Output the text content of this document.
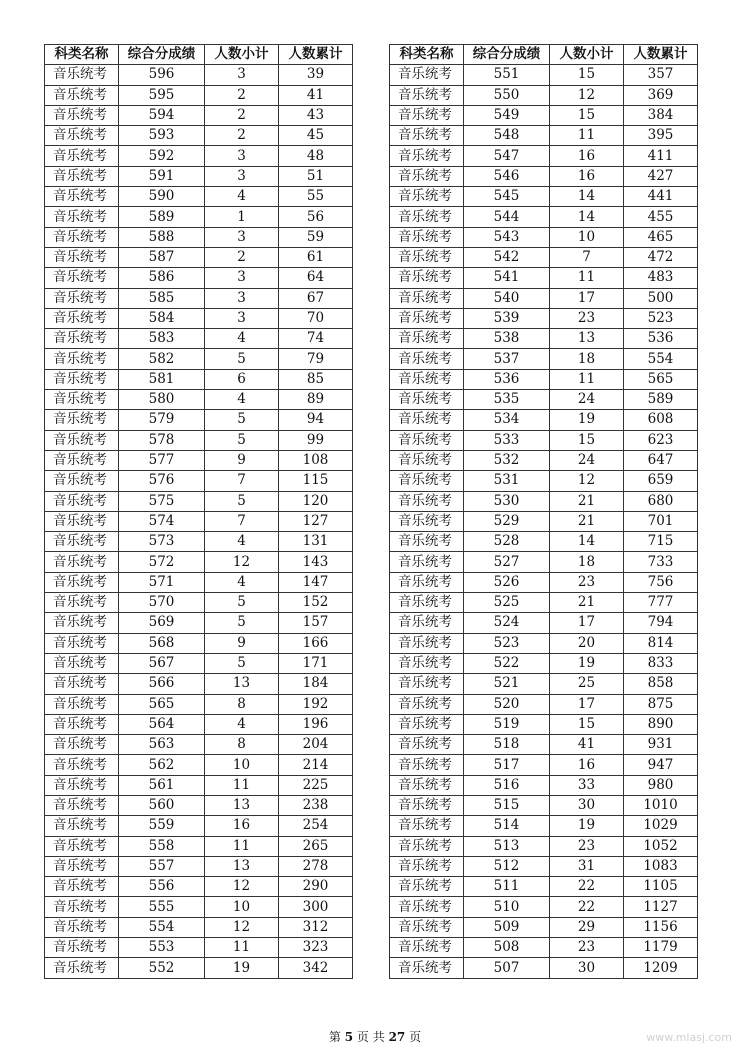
科类名称	综合分成绩	人数小计	人数累计
音乐统考	596	3	39
音乐统考	595	2	41
音乐统考	594	2	43
音乐统考	593	2	45
音乐统考	592	3	48
音乐统考	591	3	51
音乐统考	590	4	55
音乐统考	589	1	56
音乐统考	588	3	59
音乐统考	587	2	61
音乐统考	586	3	64
音乐统考	585	3	67
音乐统考	584	3	70
音乐统考	583	4	74
音乐统考	582	5	79
音乐统考	581	6	85
音乐统考	580	4	89
音乐统考	579	5	94
音乐统考	578	5	99
音乐统考	577	9	108
音乐统考	576	7	115
音乐统考	575	5	120
音乐统考	574	7	127
音乐统考	573	4	131
音乐统考	572	12	143
音乐统考	571	4	147
音乐统考	570	5	152
音乐统考	569	5	157
音乐统考	568	9	166
音乐统考	567	5	171
音乐统考	566	13	184
音乐统考	565	8	192
音乐统考	564	4	196
音乐统考	563	8	204
音乐统考	562	10	214
音乐统考	561	11	225
音乐统考	560	13	238
音乐统考	559	16	254
音乐统考	558	11	265
音乐统考	557	13	278
音乐统考	556	12	290
音乐统考	555	10	300
音乐统考	554	12	312
音乐统考	553	11	323
音乐统考	552	19	342
科类名称	综合分成绩	人数小计	人数累计
音乐统考	551	15	357
音乐统考	550	12	369
音乐统考	549	15	384
音乐统考	548	11	395
音乐统考	547	16	411
音乐统考	546	16	427
音乐统考	545	14	441
音乐统考	544	14	455
音乐统考	543	10	465
音乐统考	542	7	472
音乐统考	541	11	483
音乐统考	540	17	500
音乐统考	539	23	523
音乐统考	538	13	536
音乐统考	537	18	554
音乐统考	536	11	565
音乐统考	535	24	589
音乐统考	534	19	608
音乐统考	533	15	623
音乐统考	532	24	647
音乐统考	531	12	659
音乐统考	530	21	680
音乐统考	529	21	701
音乐统考	528	14	715
音乐统考	527	18	733
音乐统考	526	23	756
音乐统考	525	21	777
音乐统考	524	17	794
音乐统考	523	20	814
音乐统考	522	19	833
音乐统考	521	25	858
音乐统考	520	17	875
音乐统考	519	15	890
音乐统考	518	41	931
音乐统考	517	16	947
音乐统考	516	33	980
音乐统考	515	30	1010
音乐统考	514	19	1029
音乐统考	513	23	1052
音乐统考	512	31	1083
音乐统考	511	22	1105
音乐统考	510	22	1127
音乐统考	509	29	1156
音乐统考	508	23	1179
音乐统考	507	30	1209
第 5 页 共 27 页	www.mlasj.com
